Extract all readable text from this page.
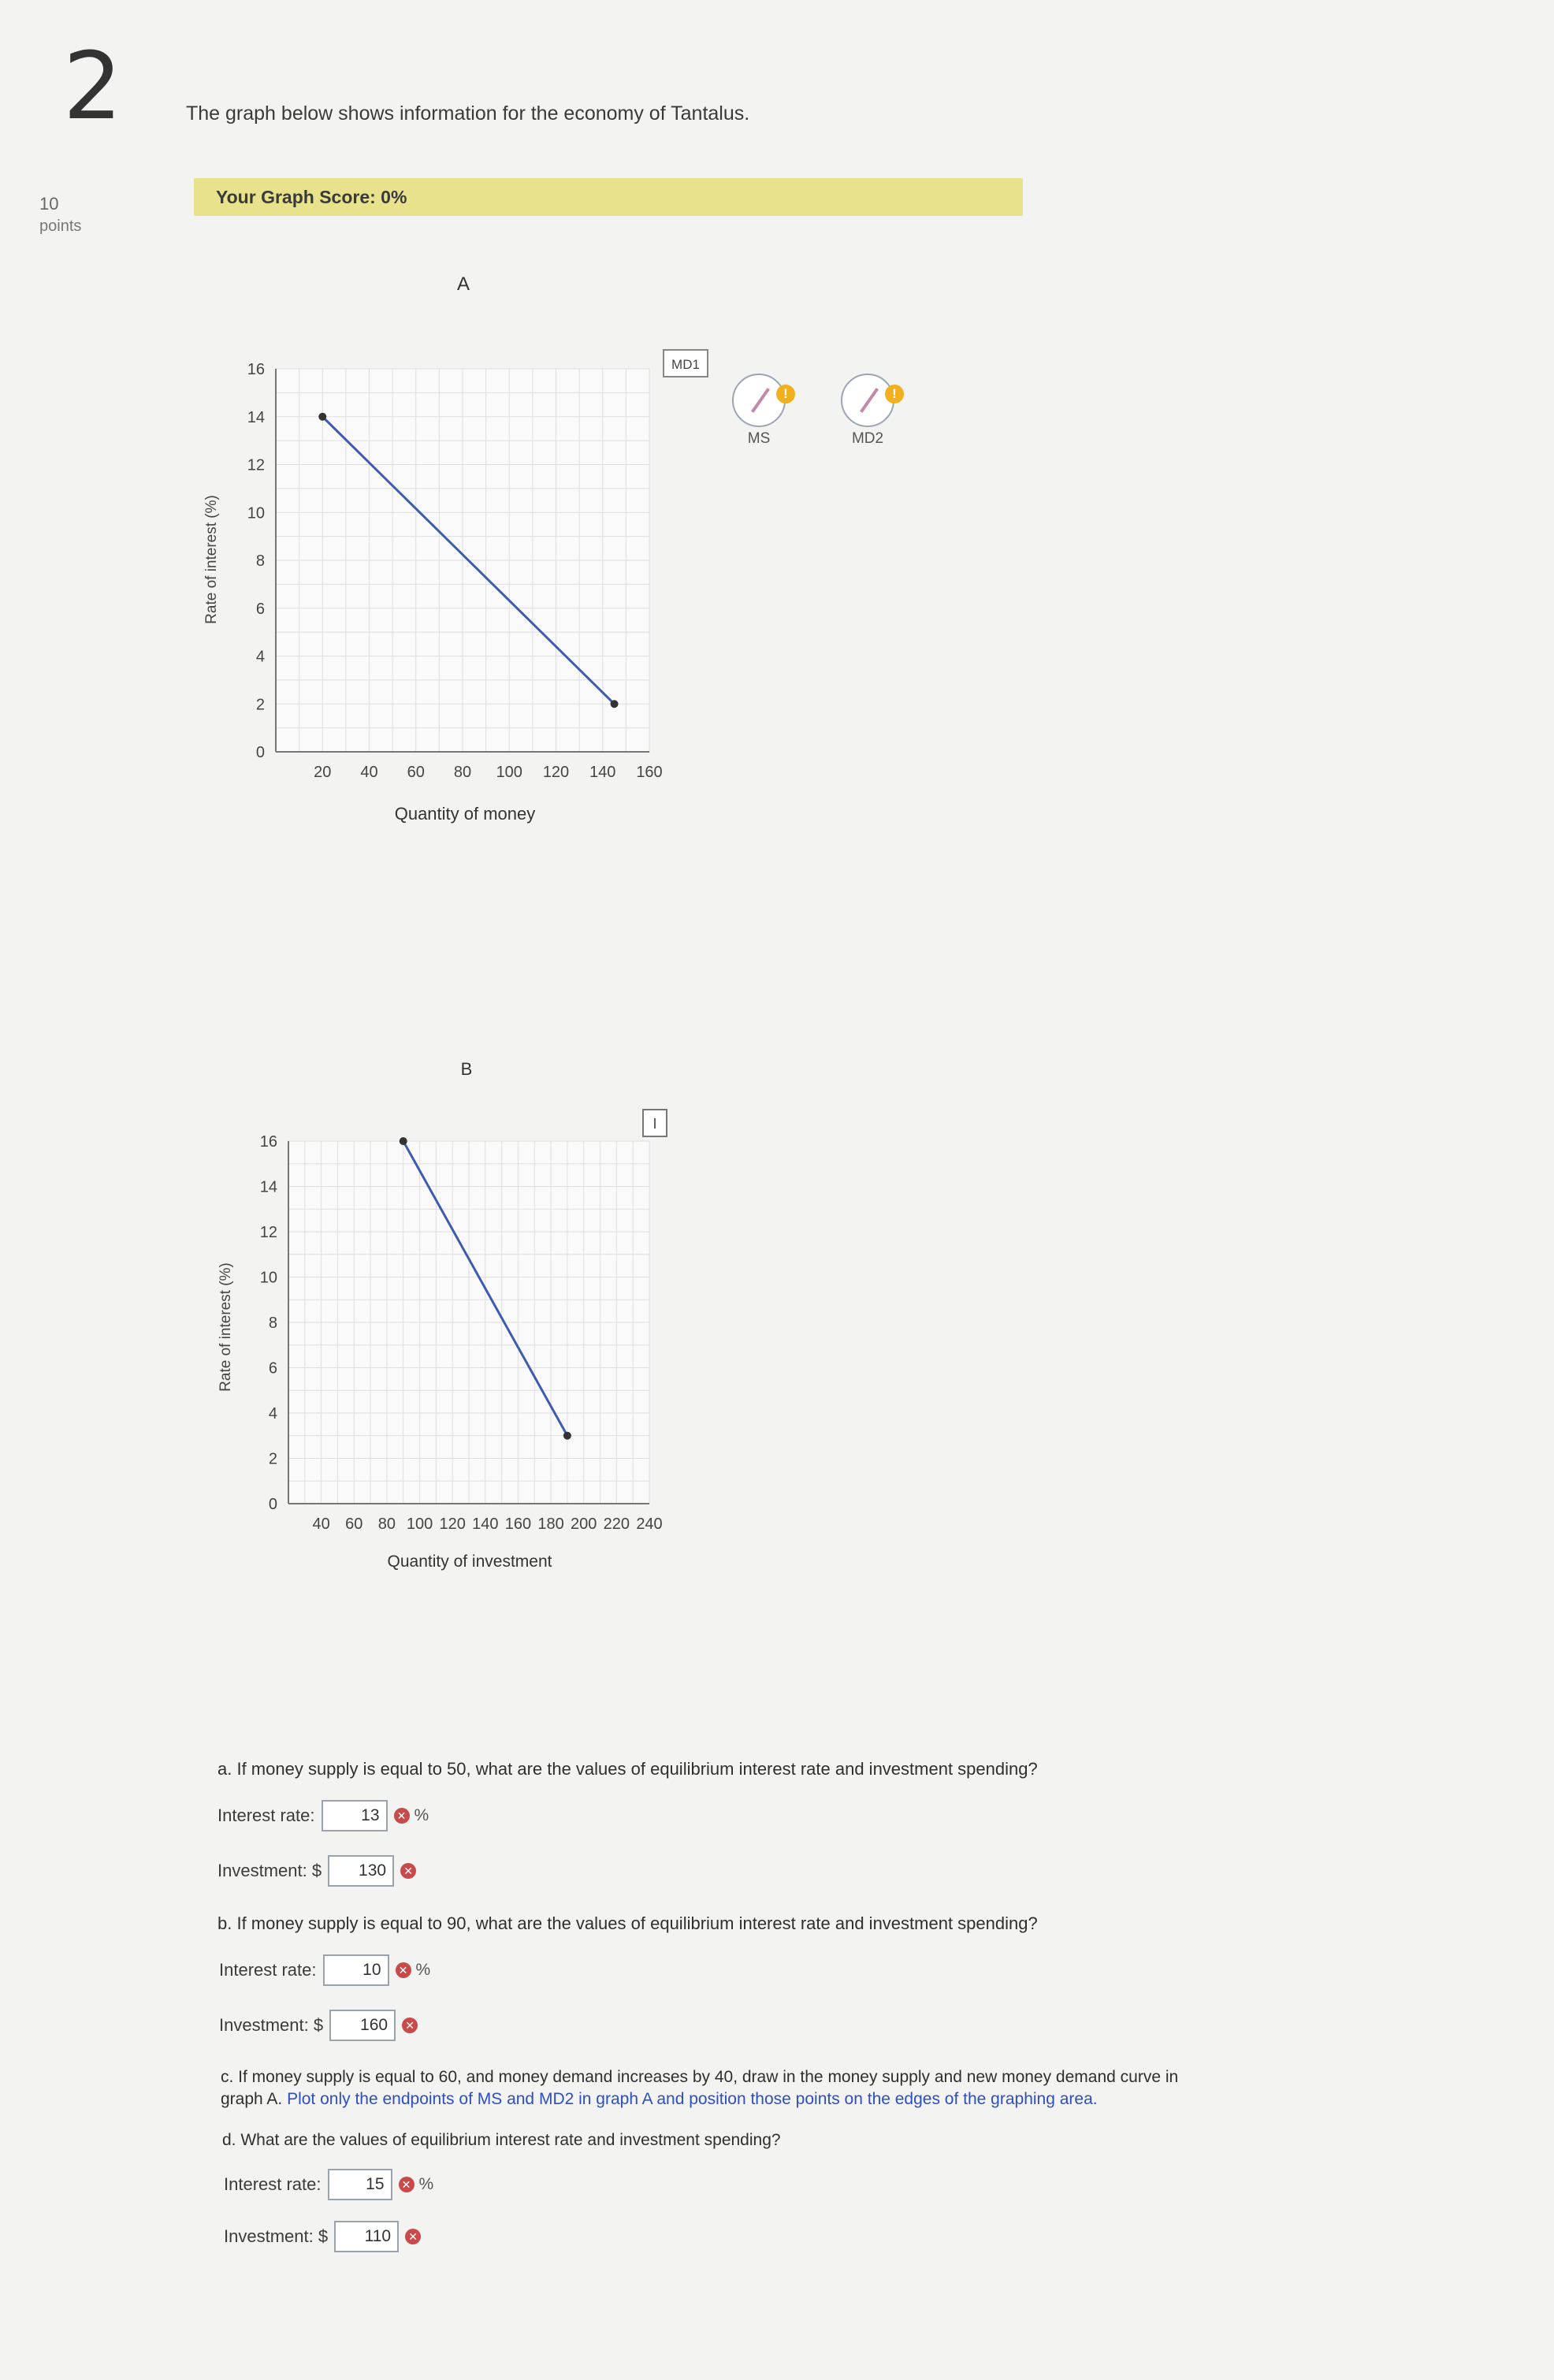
2
10
points
The graph below shows information for the economy of Tantalus.
Your Graph Score: 0%
A
0
2
4
6
8
10
12
14
16
20 40 60 80 100 120 140 160
Rate of interest (%)
Quantity of money
MD1
B
0
2
4
6
8
10
12
14
16
40 60 80 100 120 140 160 180 200 220 240
Rate of interest (%)
Quantity of investment
I
!
MS
!
MD2
a. If money supply is equal to 50, what are the values of equilibrium interest rate and investment spending?
Interest rate:
13	✕ %
Investment: $
130	✕
b. If money supply is equal to 90, what are the values of equilibrium interest rate and investment spending?
Interest rate:
10	✕ %
Investment: $
160	✕
c. If money supply is equal to 60, and money demand increases by 40, draw in the money supply and new money demand curve in
graph A. Plot only the endpoints of MS and MD2 in graph A and position those points on the edges of the graphing area.
d. What are the values of equilibrium interest rate and investment spending?
Interest rate:
15	✕ %
Investment: $
110	✕
